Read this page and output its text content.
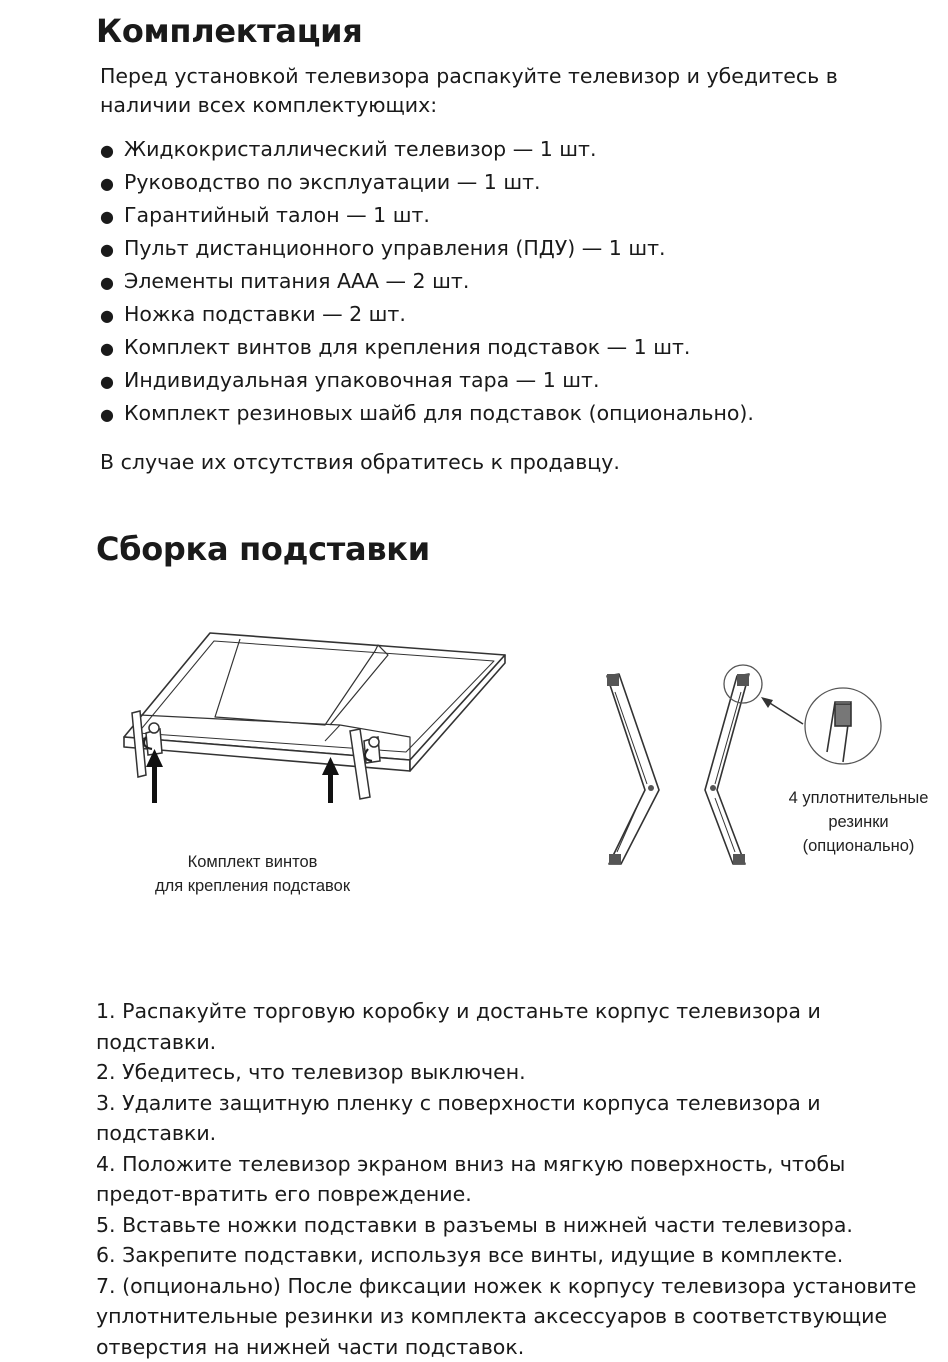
Комплектация
Перед установкой телевизора распакуйте телевизор и убедитесь в наличии всех комплектующих:
● Жидкокристаллический телевизор — 1 шт.
● Руководство по эксплуатации — 1 шт.
● Гарантийный талон — 1 шт.
● Пульт дистанционного управления (ПДУ) — 1 шт.
● Элементы питания ААА — 2 шт.
● Ножка подставки — 2 шт.
● Комплект винтов для крепления подставок — 1 шт.
● Индивидуальная упаковочная тара — 1 шт.
● Комплект резиновых шайб для подставок (опционально).
В случае их отсутствия обратитесь к продавцу.
Сборка подставки
Комплект винтов
для крепления подставок
4 уплотнительные
резинки
(опционально)
1. Распакуйте торговую коробку и достаньте корпус телевизора и подставки.
2. Убедитесь, что телевизор выключен.
3. Удалите защитную пленку с поверхности корпуса телевизора и подставки.
4. Положите телевизор экраном вниз на мягкую поверхность, чтобы предот-вратить его повреждение.
5. Вставьте ножки подставки в разъемы в нижней части телевизора.
6. Закрепите подставки, используя все винты, идущие в комплекте.
7. (опционально) После фиксации ножек к корпусу телевизора установите уплотнительные резинки из комплекта аксессуаров в соответствующие отверстия на нижней части подставок.
